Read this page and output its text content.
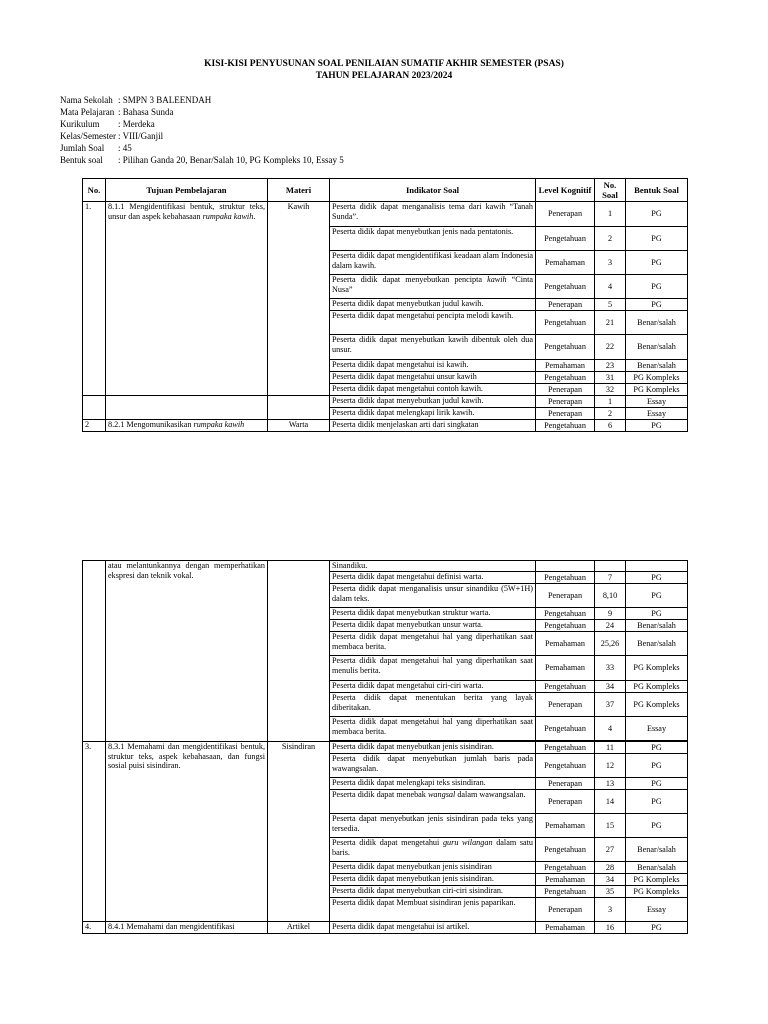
KISI-KISI PENYUSUNAN SOAL PENILAIAN SUMATIF AKHIR SEMESTER (PSAS)
TAHUN PELAJARAN 2023/2024
Nama Sekolah : SMPN 3 BALEENDAH
Mata Pelajaran : Bahasa Sunda
Kurikulum : Merdeka
Kelas/Semester : VIII/Ganjil
Jumlah Soal : 45
Bentuk soal : Pilihan Ganda 20, Benar/Salah 10, PG Kompleks 10, Essay 5
No.	Tujuan Pembelajaran	Materi	Indikator Soal	Level Kognitif	No. Soal	Bentuk Soal
1.	8.1.1 Mengidentifikasi bentuk, struktur teks, unsur dan aspek kebahasaan rumpaka kawih.	Kawih	Peserta didik dapat menganalisis tema dari kawih “Tanah Sunda”.	Penerapan	1	PG
			Peserta didik dapat menyebutkan jenis nada pentatonis.	Pengetahuan	2	PG
			Peserta didik dapat mengidentifikasi keadaan alam Indonesia dalam kawih.	Pemahaman	3	PG
			Peserta didik dapat menyebutkan pencipta kawih “Cinta Nusa”	Pengetahuan	4	PG
			Peserta didik dapat menyebutkan judul kawih.	Penerapan	5	PG
			Peserta didik dapat mengetahui pencipta melodi kawih.	Pengetahuan	21	Benar/salah
			Peserta didik dapat menyebutkan kawih dibentuk oleh dua unsur.	Pengetahuan	22	Benar/salah
			Peserta didik dapat mengetahui isi kawih.	Pemahaman	23	Benar/salah
			Peserta didik dapat mengetahui unsur kawih	Pengetahuan	31	PG Kompleks
			Peserta didik dapat mengetahui contoh kawih.	Penerapan	32	PG Kompleks
			Peserta didik dapat menyebutkan judul kawih.	Penerapan	1	Essay
			Peserta didik dapat melengkapi lirik kawih.	Penerapan	2	Essay
2	8.2.1 Mengomunikasikan rumpaka kawih	Warta	Peserta didik menjelaskan arti dari singkatan	Pengetahuan	6	PG
	atau melantunkannya dengan memperhatikan ekspresi dan teknik vokal.		Sinandiku.			
			Peserta didik dapat mengetahui definisi warta.	Pengetahuan	7	PG
			Peserta didik dapat menganalisis unsur sinandiku (5W+1H) dalam teks.	Penerapan	8,10	PG
			Peserta didik dapat menyebutkan struktur warta.	Pengetahuan	9	PG
			Peserta didik dapat menyebutkan unsur warta.	Pengetahuan	24	Benar/salah
			Peserta didik dapat mengetahui hal yang diperhatikan saat membaca berita.	Pemahaman	25,26	Benar/salah
			Peserta didik dapat mengetahui hal yang diperhatikan saat menulis berita.	Pemahaman	33	PG Kompleks
			Peserta didik dapat mengetahui ciri-ciri warta.	Pengetahuan	34	PG Kompleks
			Peserta didik dapat menentukan berita yang layak diberitakan.	Penerapan	37	PG Kompleks
			Peserta didik dapat mengetahui hal yang diperhatikan saat membaca berita.	Pengetahuan	4	Essay

3.	8.3.1 Memahami dan mengidentifikasi bentuk, struktur teks, aspek kebahasaan, dan fungsi sosial puisi sisindiran.	Sisindiran	Peserta didik dapat menyebutkan jenis sisindiran.	Pengetahuan	11	PG
			Peserta didik dapat menyebutkan jumlah baris pada wawangsalan.	Pengetahuan	12	PG
			Peserta didik dapat melengkapi teks sisindiran.	Penerapan	13	PG
			Peserta didik dapat menebak wangsal dalam wawangsalan.	Penerapan	14	PG
			Peserta dapat menyebutkan jenis sisindiran pada teks yang tersedia.	Pemahaman	15	PG
			Peserta didik dapat mengetahui guru wilangan dalam satu baris.	Pengetahuan	27	Benar/salah
			Peserta didik dapat menyebutkan jenis sisindiran	Pengetahuan	28	Benar/salah
			Peserta didik dapat menyebutkan jenis sisindiran.	Pemahaman	34	PG Kompleks
			Peserta didik dapat menyebutkan ciri-ciri sisindiran.	Pengetahuan	35	PG Kompleks
			Peserta didik dapat Membuat sisindiran jenis paparikan.	Penerapan	3	Essay
4.	8.4.1 Memahami dan mengidentifikasi	Artikel	Peserta didik dapat mengetahui isi artikel.	Pemahaman	16	PG
